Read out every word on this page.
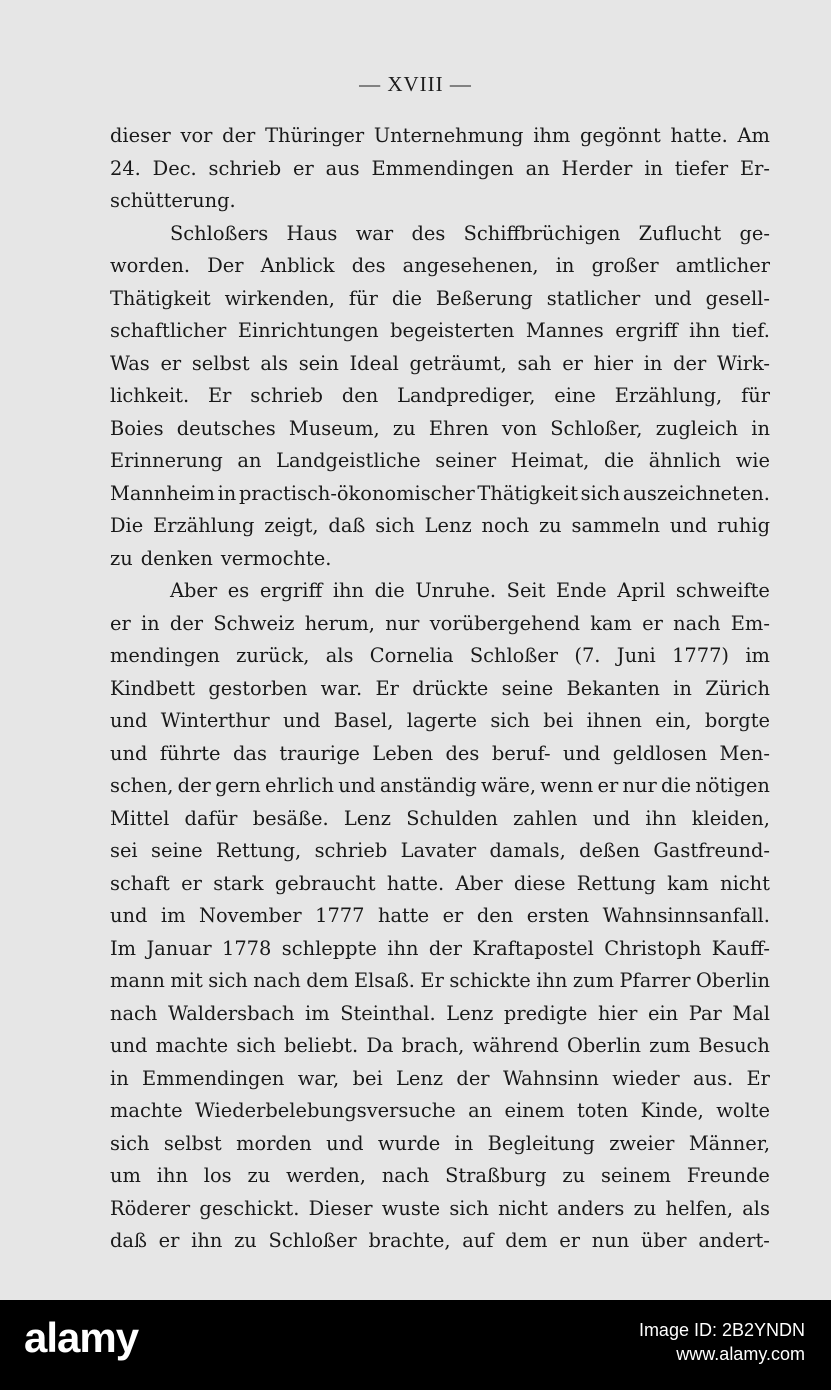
— XVIII —
dieser vor der Thüringer Unternehmung ihm gegönnt hatte. Am
24. Dec. schrieb er aus Emmendingen an Herder in tiefer Er-
schütterung.
Schloßers Haus war des Schiffbrüchigen Zuflucht ge-
worden. Der Anblick des angesehenen, in großer amtlicher
Thätigkeit wirkenden, für die Beßerung statlicher und gesell-
schaftlicher Einrichtungen begeisterten Mannes ergriff ihn tief.
Was er selbst als sein Ideal geträumt, sah er hier in der Wirk-
lichkeit. Er schrieb den Landprediger, eine Erzählung, für
Boies deutsches Museum, zu Ehren von Schloßer, zugleich in
Erinnerung an Landgeistliche seiner Heimat, die ähnlich wie
Mannheim in practisch-ökonomischer Thätigkeit sich auszeichneten.
Die Erzählung zeigt, daß sich Lenz noch zu sammeln und ruhig
zu denken vermochte.
Aber es ergriff ihn die Unruhe. Seit Ende April schweifte
er in der Schweiz herum, nur vorübergehend kam er nach Em-
mendingen zurück, als Cornelia Schloßer (7. Juni 1777) im
Kindbett gestorben war. Er drückte seine Bekanten in Zürich
und Winterthur und Basel, lagerte sich bei ihnen ein, borgte
und führte das traurige Leben des beruf- und geldlosen Men-
schen, der gern ehrlich und anständig wäre, wenn er nur die nötigen
Mittel dafür besäße. Lenz Schulden zahlen und ihn kleiden,
sei seine Rettung, schrieb Lavater damals, deßen Gastfreund-
schaft er stark gebraucht hatte. Aber diese Rettung kam nicht
und im November 1777 hatte er den ersten Wahnsinnsanfall.
Im Januar 1778 schleppte ihn der Kraftapostel Christoph Kauff-
mann mit sich nach dem Elsaß. Er schickte ihn zum Pfarrer Oberlin
nach Waldersbach im Steinthal. Lenz predigte hier ein Par Mal
und machte sich beliebt. Da brach, während Oberlin zum Besuch
in Emmendingen war, bei Lenz der Wahnsinn wieder aus. Er
machte Wiederbelebungsversuche an einem toten Kinde, wolte
sich selbst morden und wurde in Begleitung zweier Männer,
um ihn los zu werden, nach Straßburg zu seinem Freunde
Röderer geschickt. Dieser wuste sich nicht anders zu helfen, als
daß er ihn zu Schloßer brachte, auf dem er nun über andert-
alamy	Image ID: 2B2YNDN
www.alamy.com
